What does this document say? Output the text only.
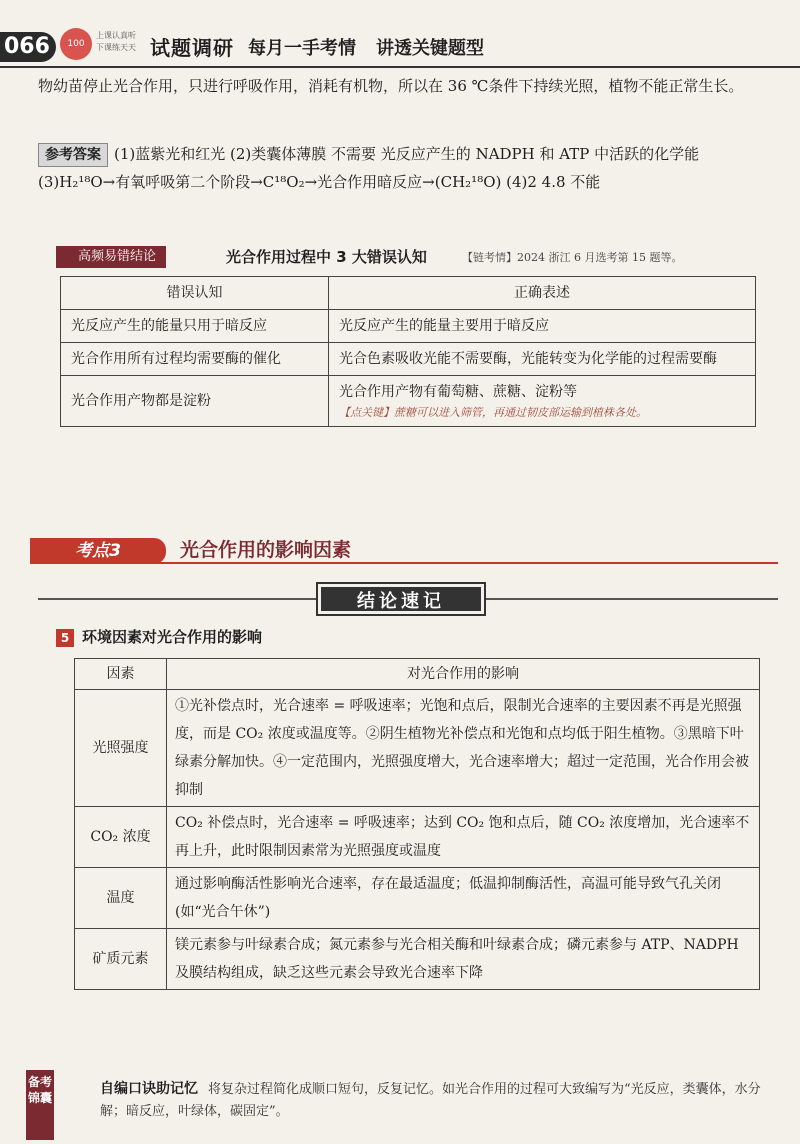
066	100
上课认真听 下课练天天 试题调研 每月一手考情 讲透关键题型
物幼苗停止光合作用，只进行呼吸作用，消耗有机物，所以在 36 ℃条件下持续光照，植物不能正常生长。
参考答案 (1)蓝紫光和红光 (2)类囊体薄膜 不需要 光反应产生的 NADPH 和 ATP 中活跃的化学能 (3)H₂¹⁸O→有氧呼吸第二个阶段→C¹⁸O₂→光合作用暗反应→(CH₂¹⁸O) (4)2 4.8 不能
高频易错结论	光合作用过程中 3 大错误认知	【链考情】2024 浙江 6 月选考第 15 题等。
错误认知	正确表述
光反应产生的能量只用于暗反应	光反应产生的能量主要用于暗反应
光合作用所有过程均需要酶的催化	光合色素吸收光能不需要酶，光能转变为化学能的过程需要酶
光合作用产物都是淀粉	光合作用产物有葡萄糖、蔗糖、淀粉等
【点关键】蔗糖可以进入筛管，再通过韧皮部运输到植株各处。
考点3	光合作用的影响因素
结论速记
5 环境因素对光合作用的影响
因素	对光合作用的影响
光照强度	①光补偿点时，光合速率 = 呼吸速率；光饱和点后，限制光合速率的主要因素不再是光照强度，而是 CO₂ 浓度或温度等。②阴生植物光补偿点和光饱和点均低于阳生植物。③黑暗下叶绿素分解加快。④一定范围内，光照强度增大，光合速率增大；超过一定范围，光合作用会被抑制
CO₂ 浓度	CO₂ 补偿点时，光合速率 = 呼吸速率；达到 CO₂ 饱和点后，随 CO₂ 浓度增加，光合速率不再上升，此时限制因素常为光照强度或温度
温度	通过影响酶活性影响光合速率，存在最适温度；低温抑制酶活性，高温可能导致气孔关闭(如“光合午休”)
矿质元素	镁元素参与叶绿素合成；氮元素参与光合相关酶和叶绿素合成；磷元素参与 ATP、NADPH 及膜结构组成，缺乏这些元素会导致光合速率下降
备考锦囊
自编口诀助记忆 将复杂过程简化成顺口短句，反复记忆。如光合作用的过程可大致编写为“光反应，类囊体，水分解；暗反应，叶绿体，碳固定”。
